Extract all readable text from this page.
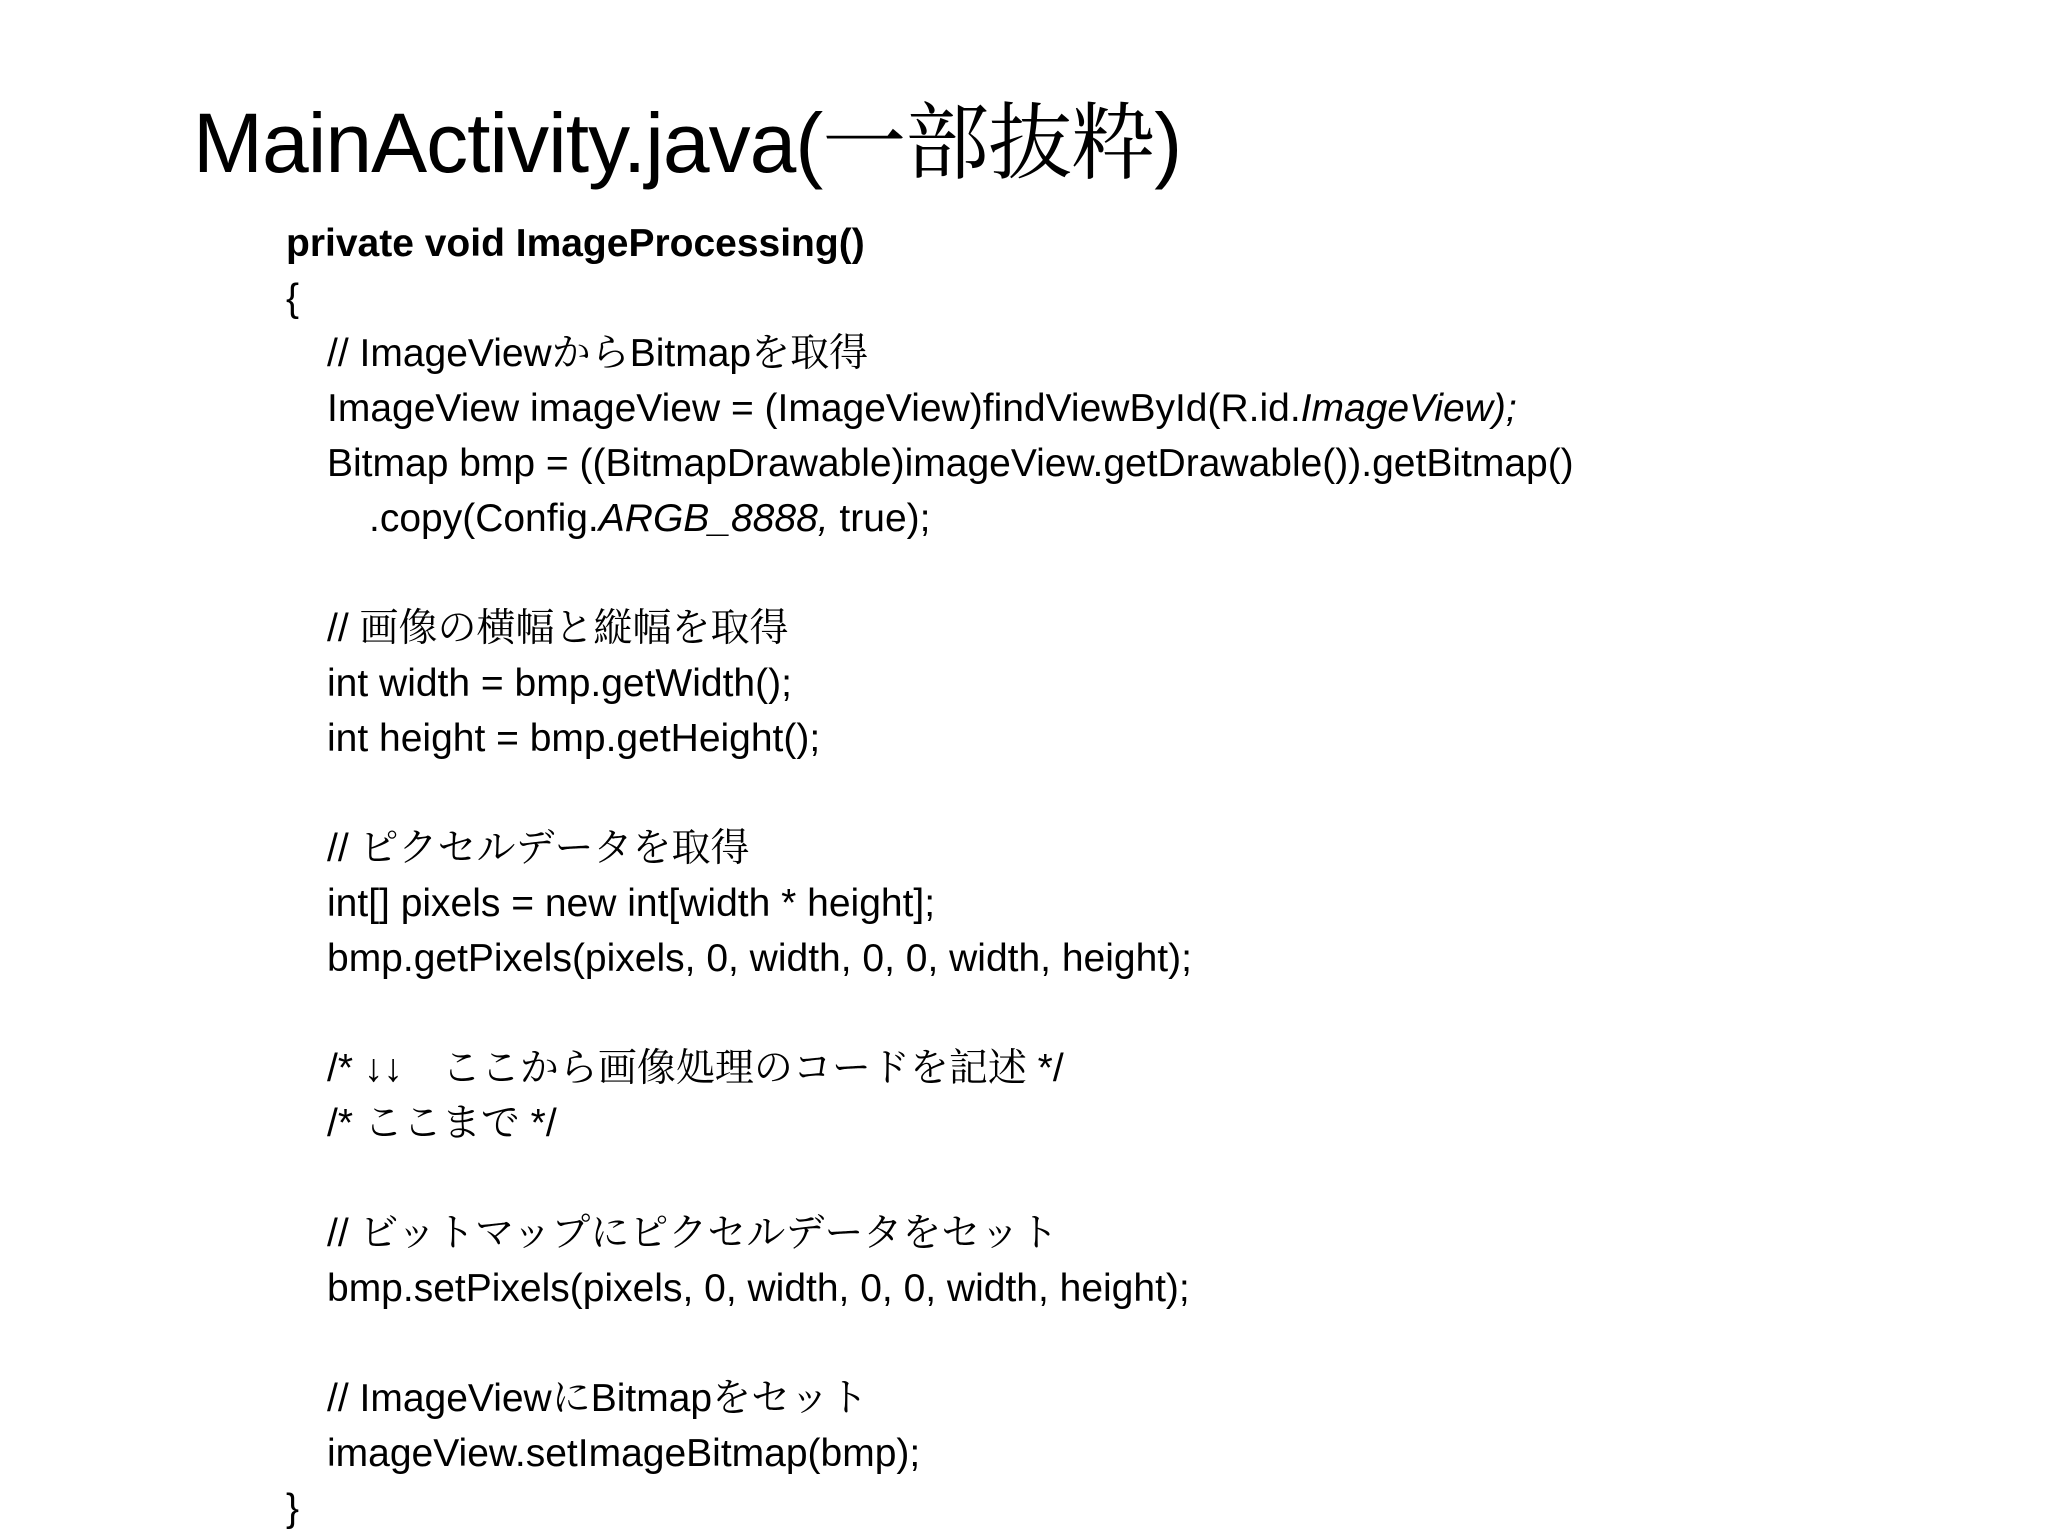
MainActivity.java(一部抜粋)
private void ImageProcessing()
{
// ImageViewからBitmapを取得
ImageView imageView = (ImageView)findViewById(R.id.ImageView);
Bitmap bmp = ((BitmapDrawable)imageView.getDrawable()).getBitmap()
.copy(Config.ARGB_8888, true);
// 画像の横幅と縦幅を取得
int width = bmp.getWidth();
int height = bmp.getHeight();
// ピクセルデータを取得
int[] pixels = new int[width * height];
bmp.getPixels(pixels, 0, width, 0, 0, width, height);
/* ↓↓　ここから画像処理のコードを記述 */
/* ここまで */
// ビットマップにピクセルデータをセット
bmp.setPixels(pixels, 0, width, 0, 0, width, height);
// ImageViewにBitmapをセット
imageView.setImageBitmap(bmp);
}
